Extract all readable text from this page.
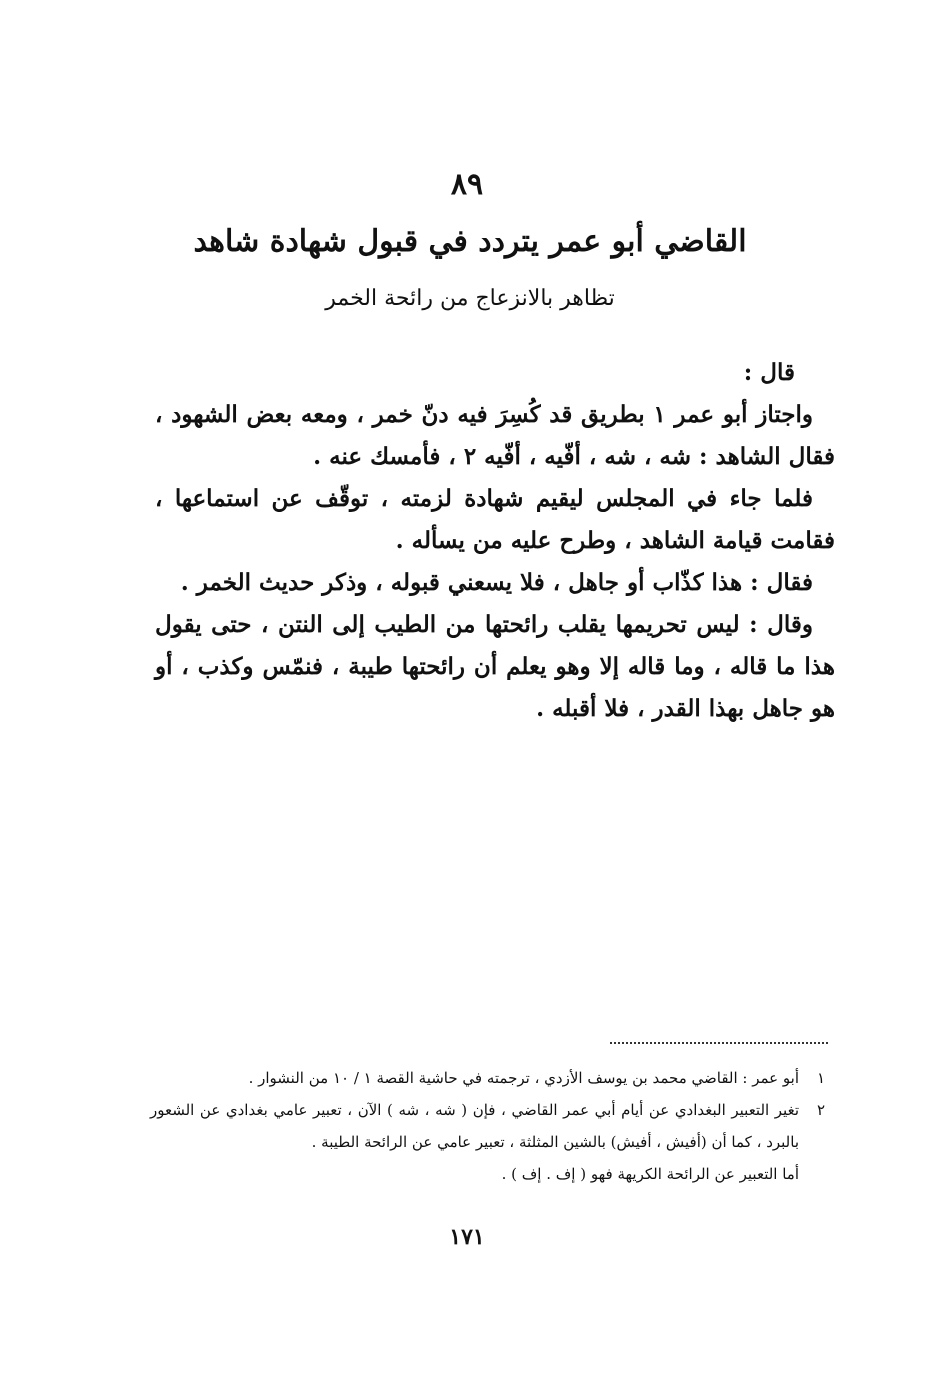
٨٩
القاضي أبو عمر يتردد في قبول شهادة شاهد
تظاهر بالانزعاج من رائحة الخمر

قال :

واجتاز أبو عمر ١ بطريق قد كُسِرَ فيه دنّ خمر ، ومعه بعض الشهود ، فقال الشاهد : شه ، شه ، أفّيه ، أفّيه ٢ ، فأمسك عنه .

فلما جاء في المجلس ليقيم شهادة لزمته ، توقّف عن استماعها ، فقامت قيامة الشاهد ، وطرح عليه من يسأله .

فقال : هذا كذّاب أو جاهل ، فلا يسعني قبوله ، وذكر حديث الخمر .

وقال : ليس تحريمها يقلب رائحتها من الطيب إلى النتن ، حتى يقول هذا ما قاله ، وما قاله إلا وهو يعلم أن رائحتها طيبة ، فنمّس وكذب ، أو هو جاهل بهذا القدر ، فلا أقبله .

١
أبو عمر : القاضي محمد بن يوسف الأزدي ، ترجمته في حاشية القصة ١ / ١٠ من النشوار .
٢
تغير التعبير البغدادي عن أيام أبي عمر القاضي ، فإن ( شه ، شه ) الآن ، تعبير عامي بغدادي عن الشعور بالبرد ، كما أن (أفيش ، أفيش) بالشين المثلثة ، تعبير عامي عن الرائحة الطيبة .

أما التعبير عن الرائحة الكريهة فهو ( إف . إف ) .

١٧١
